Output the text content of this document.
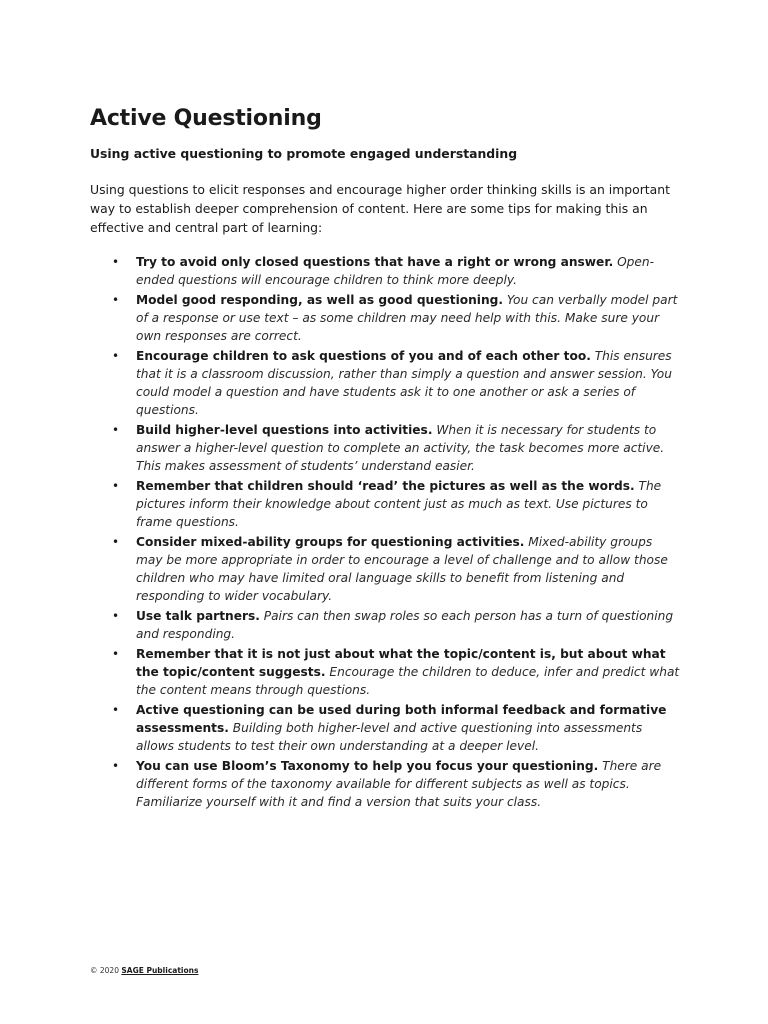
Active Questioning

Using active questioning to promote engaged understanding

Using questions to elicit responses and encourage higher order thinking skills is an important way to establish deeper comprehension of content. Here are some tips for making this an effective and central part of learning:

• Try to avoid only closed questions that have a right or wrong answer. Open-ended questions will encourage children to think more deeply.
• Model good responding, as well as good questioning. You can verbally model part of a response or use text – as some children may need help with this. Make sure your own responses are correct.
• Encourage children to ask questions of you and of each other too. This ensures that it is a classroom discussion, rather than simply a question and answer session. You could model a question and have students ask it to one another or ask a series of questions.
• Build higher-level questions into activities. When it is necessary for students to answer a higher-level question to complete an activity, the task becomes more active. This makes assessment of students’ understand easier.
• Remember that children should ‘read’ the pictures as well as the words. The pictures inform their knowledge about content just as much as text. Use pictures to frame questions.
• Consider mixed-ability groups for questioning activities. Mixed-ability groups may be more appropriate in order to encourage a level of challenge and to allow those children who may have limited oral language skills to benefit from listening and responding to wider vocabulary.
• Use talk partners. Pairs can then swap roles so each person has a turn of questioning and responding.
• Remember that it is not just about what the topic/content is, but about what the topic/content suggests. Encourage the children to deduce, infer and predict what the content means through questions.
• Active questioning can be used during both informal feedback and formative assessments. Building both higher-level and active questioning into assessments allows students to test their own understanding at a deeper level.
• You can use Bloom’s Taxonomy to help you focus your questioning. There are different forms of the taxonomy available for different subjects as well as topics. Familiarize yourself with it and find a version that suits your class.
© 2020 SAGE Publications
